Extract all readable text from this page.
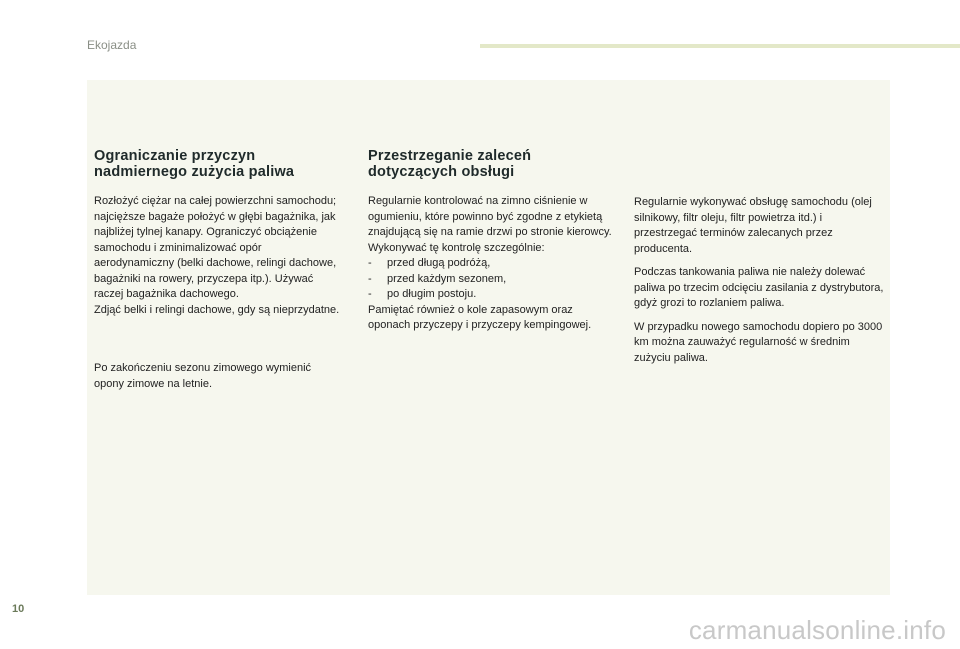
Ekojazda
Ograniczanie przyczyn nadmiernego zużycia paliwa

Rozłożyć ciężar na całej powierzchni samochodu; najcięższe bagaże położyć w głębi bagażnika, jak najbliżej tylnej kanapy. Ograniczyć obciążenie samochodu i zminimalizować opór aerodynamiczny (belki dachowe, relingi dachowe, bagażniki na rowery, przyczepa itp.). Używać raczej bagażnika dachowego.

Zdjąć belki i relingi dachowe, gdy są nieprzydatne.

Po zakończeniu sezonu zimowego wymienić opony zimowe na letnie.

Przestrzeganie zaleceń dotyczących obsługi

Regularnie kontrolować na zimno ciśnienie w ogumieniu, które powinno być zgodne z etykietą znajdującą się na ramie drzwi po stronie kierowcy.

Wykonywać tę kontrolę szczególnie:

- przed długą podróżą,
- przed każdym sezonem,
- po długim postoju.

Pamiętać również o kole zapasowym oraz oponach przyczepy i przyczepy kempingowej.

Regularnie wykonywać obsługę samochodu (olej silnikowy, filtr oleju, filtr powietrza itd.) i przestrzegać terminów zalecanych przez producenta.

Podczas tankowania paliwa nie należy dolewać paliwa po trzecim odcięciu zasilania z dystrybutora, gdyż grozi to rozlaniem paliwa.

W przypadku nowego samochodu dopiero po 3000 km można zauważyć regularność w średnim zużyciu paliwa.

10
carmanualsonline.info
